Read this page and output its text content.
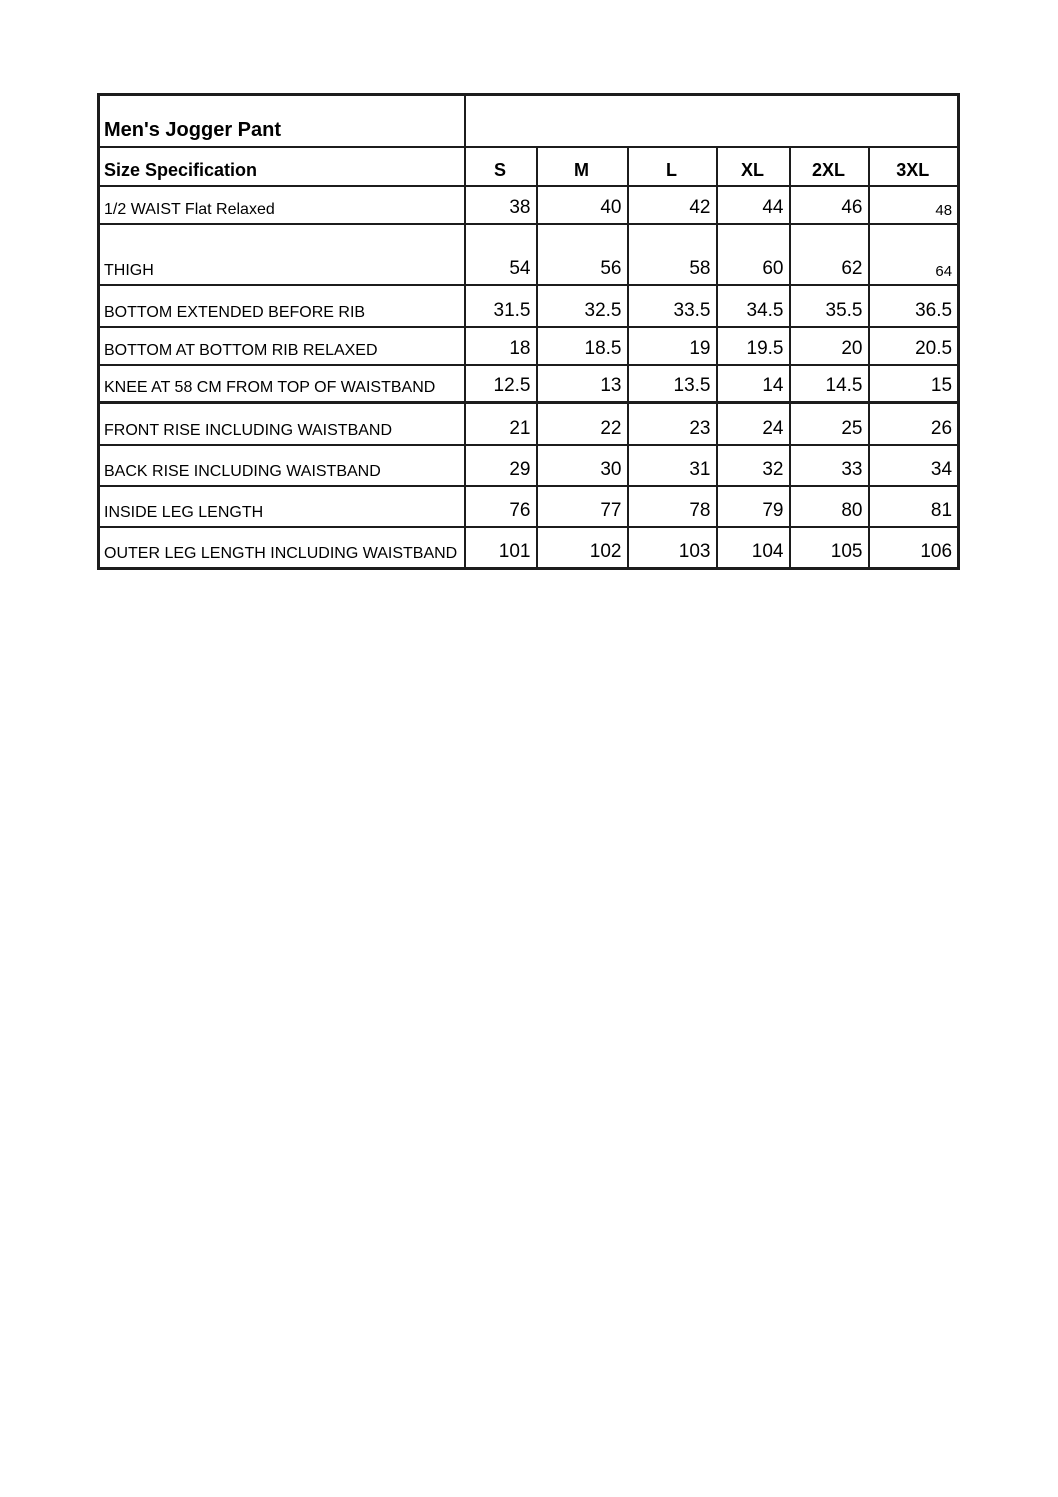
Men's Jogger Pant						
Size Specification	S	M	L	XL	2XL	3XL
1/2 WAIST Flat Relaxed	38	40	42	44	46	48
THIGH	54	56	58	60	62	64
BOTTOM EXTENDED BEFORE RIB	31.5	32.5	33.5	34.5	35.5	36.5
BOTTOM AT BOTTOM RIB RELAXED	18	18.5	19	19.5	20	20.5
KNEE AT 58 CM FROM TOP OF WAISTBAND	12.5	13	13.5	14	14.5	15
FRONT RISE INCLUDING WAISTBAND	21	22	23	24	25	26
BACK RISE INCLUDING WAISTBAND	29	30	31	32	33	34
INSIDE LEG LENGTH	76	77	78	79	80	81
OUTER LEG LENGTH INCLUDING WAISTBAND	101	102	103	104	105	106
